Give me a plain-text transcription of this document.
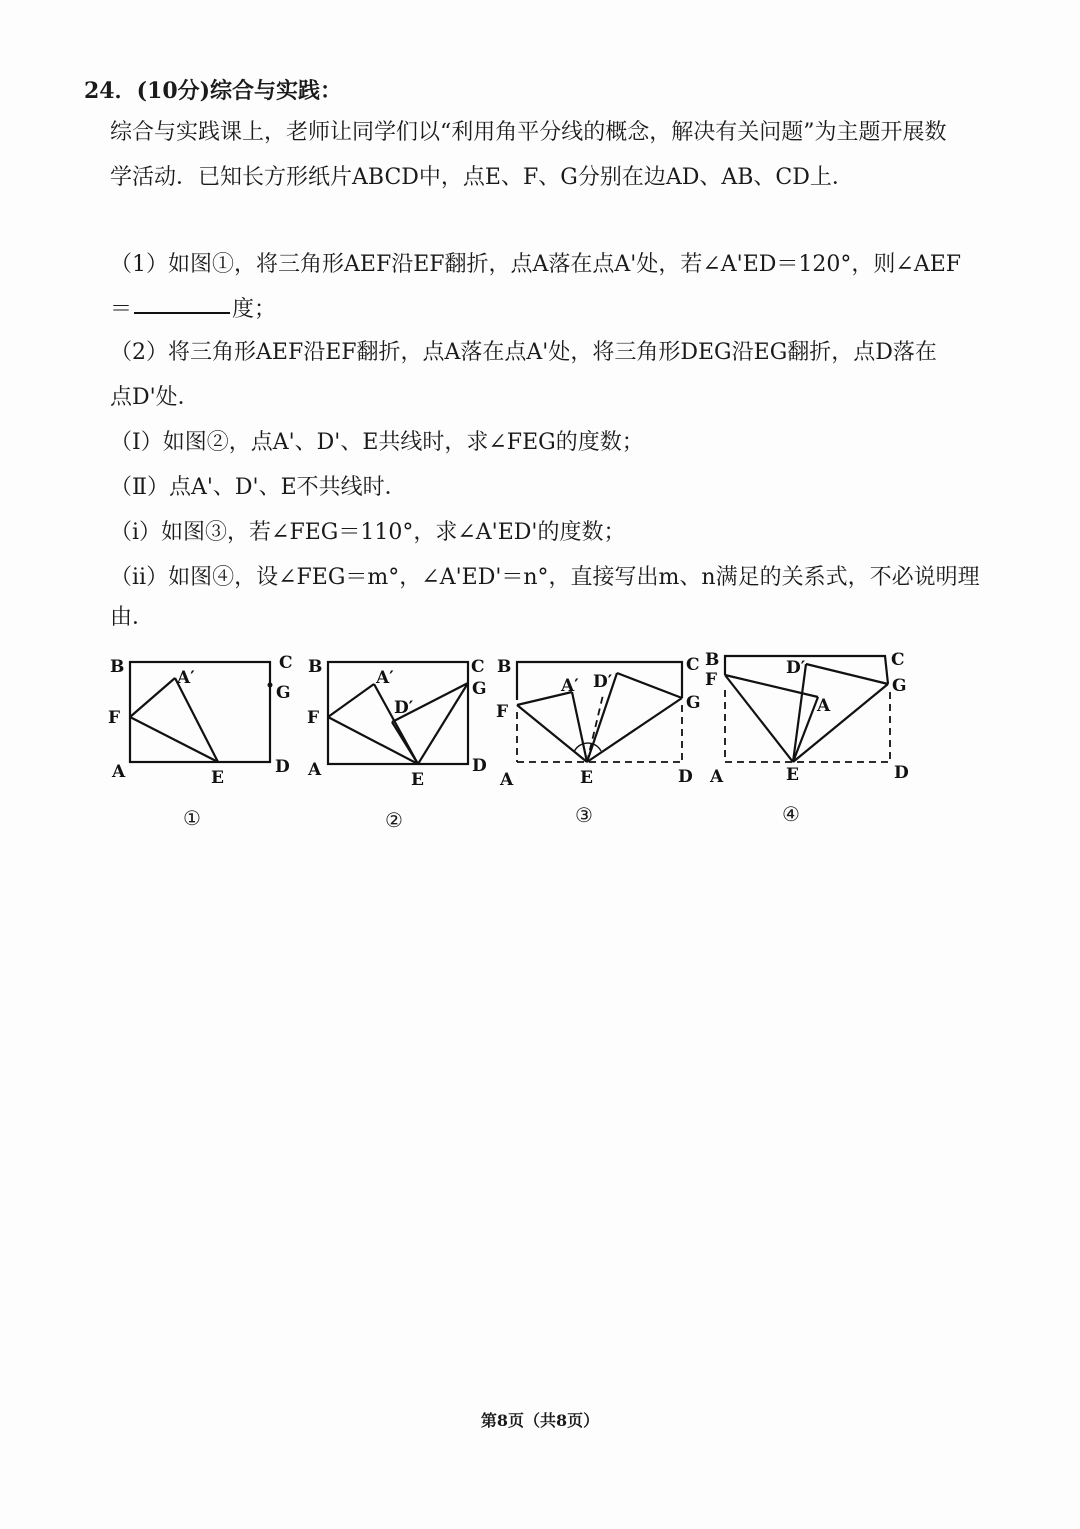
24．(10分)综合与实践：
综合与实践课上，老师让同学们以“利用角平分线的概念，解决有关问题”为主题开展数
学活动．已知长方形纸片ABCD中，点E、F、G分别在边AD、AB、CD上．
（1）如图①，将三角形AEF沿EF翻折，点A落在点A'处，若∠A'ED＝120°，则∠AEF
＝	度；
（2）将三角形AEF沿EF翻折，点A落在点A'处，将三角形DEG沿EG翻折，点D落在
点D'处．
（Ⅰ）如图②，点A'、D'、E共线时，求∠FEG的度数；
（Ⅱ）点A'、D'、E不共线时．
（ⅰ）如图③，若∠FEG＝110°，求∠A'ED'的度数；
（ⅱ）如图④，设∠FEG＝m°，∠A'ED'＝n°，直接写出m、n满足的关系式，不必说明理
由．
B	C
A′
G
F
A	E
D
①
B	C
A′
G
D′
F
A	E
D
②
B	C
A′ D′
G
F
A	E	D
③
B	C
D′
F	G
A
A	E	D
④
第8页（共8页）
